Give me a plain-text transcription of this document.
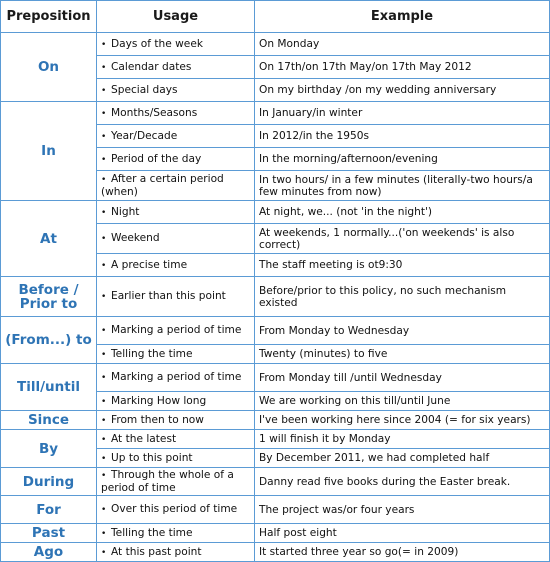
Preposition	Usage	Example
On	• Days of the week	On Monday
	• Calendar dates	On 17th/on 17th May/on 17th May 2012
	• Special days	On my birthday /on my wedding anniversary
In	• Months/Seasons	In January/in winter
	• Year/Decade	In 2012/in the 1950s
	• Period of the day	In the morning/afternoon/evening
	• After a certain period (when)	In two hours/ in a few minutes (literally-two hours/a few minutes from now)
At	• Night	At night, we... (not 'in the night')
	• Weekend	At weekends, 1 normally...('on weekends' is also correct)
	• A precise time	The staff meeting is ot9:30
Before / Prior to	• Earlier than this point	Before/prior to this policy, no such mechanism existed
(From...) to	• Marking a period of time	From Monday to Wednesday
	• Telling the time	Twenty (minutes) to five
Till/until	• Marking a period of time	From Monday till /until Wednesday
	• Marking How long	We are working on this till/until June
Since	• From then to now	I've been working here since 2004 (= for six years)
By	• At the latest	1 will finish it by Monday
	• Up to this point	By December 2011, we had completed half
During	• Through the whole of a period of time	Danny read five books during the Easter break.
For	• Over this period of time	The project was/or four years
Past	• Telling the time	Half post eight
Ago	• At this past point	It started three year so go(= in 2009)
